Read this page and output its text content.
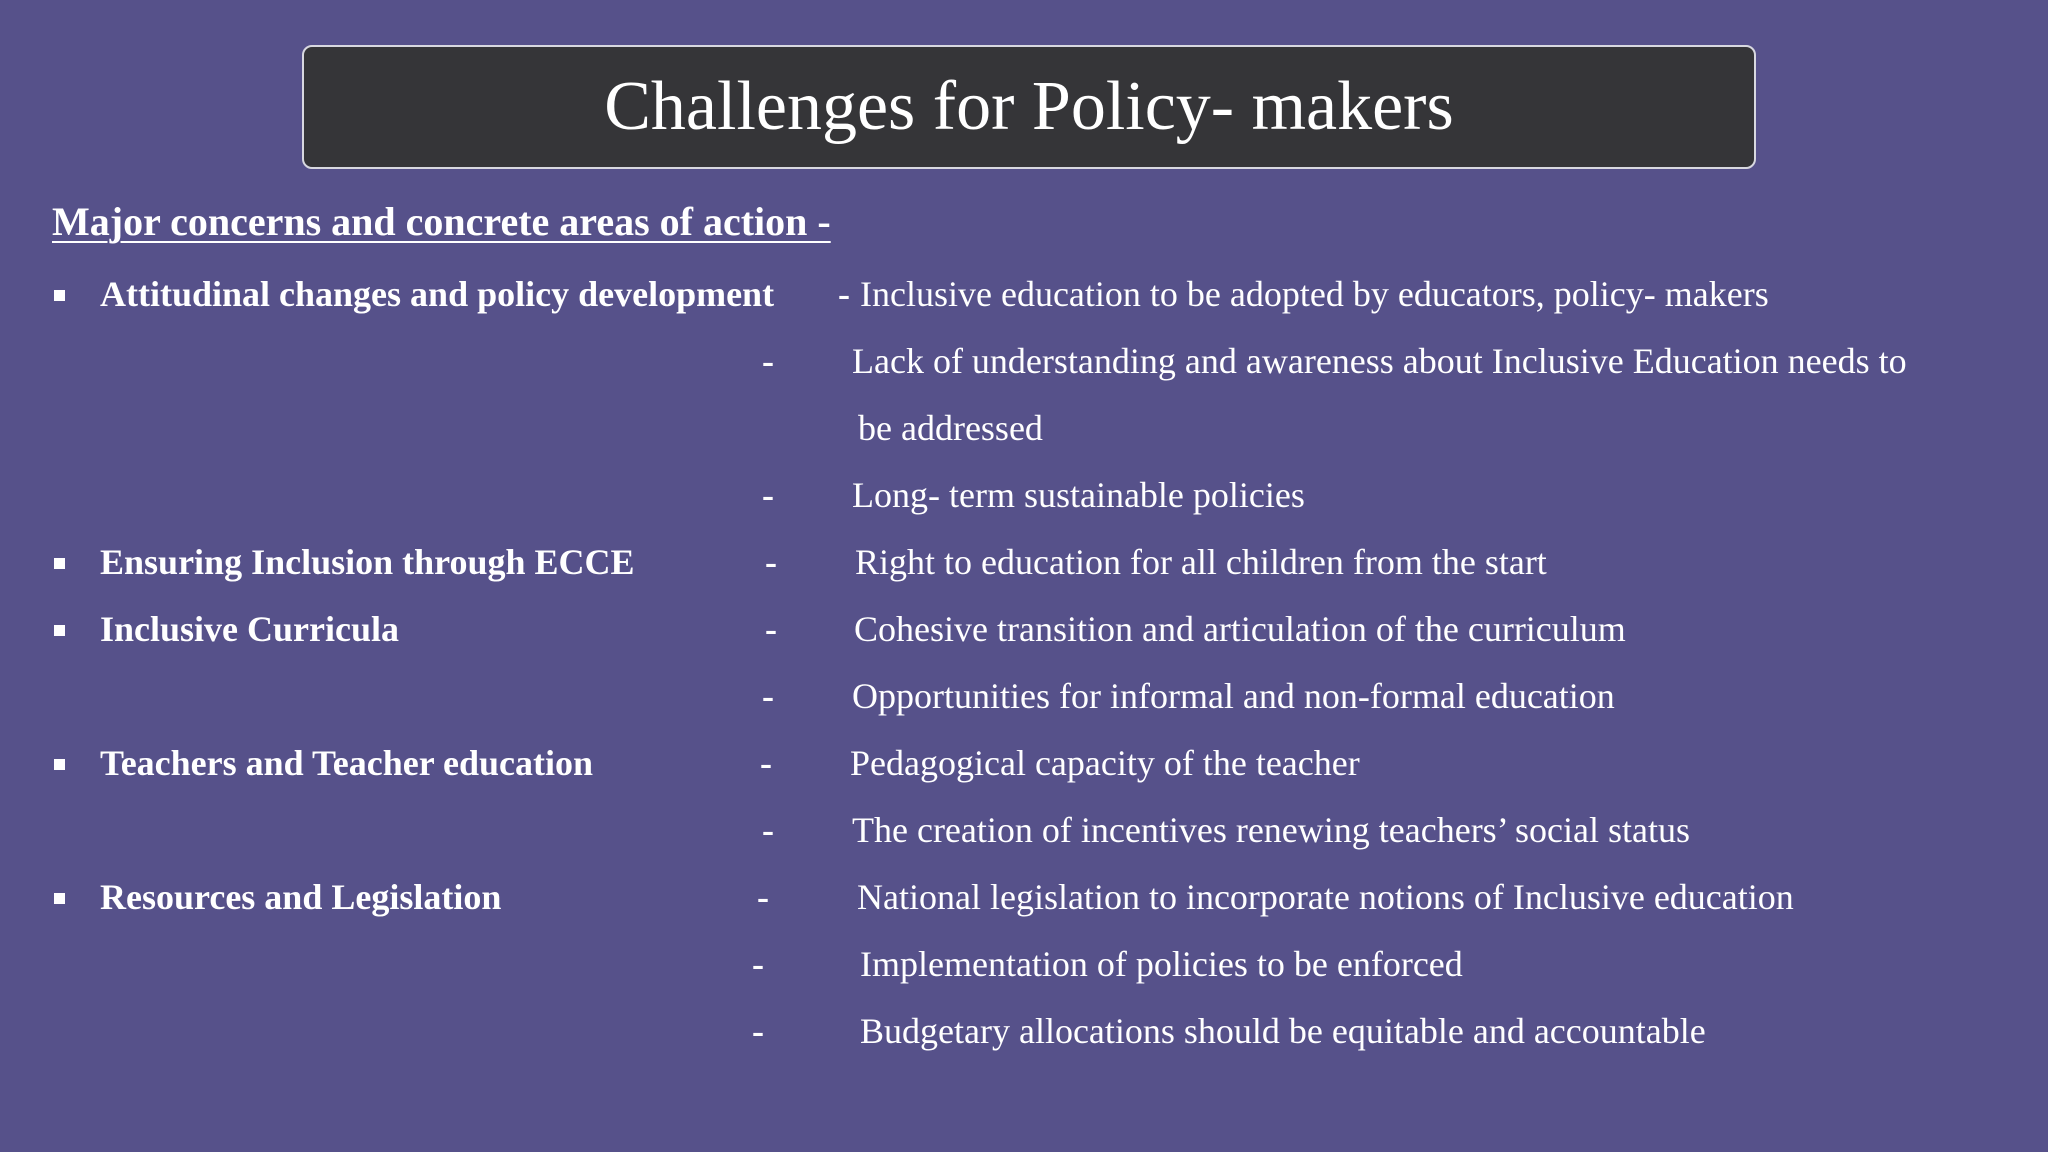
Challenges for Policy- makers
Major concerns and concrete areas of action -
Attitudinal changes and policy development - Inclusive education to be adopted by educators, policy- makers
- Lack of understanding and awareness about Inclusive Education needs to
be addressed
- Long- term sustainable policies
Ensuring Inclusion through ECCE	- Right to education for all children from the start
Inclusive Curricula	- Cohesive transition and articulation of the curriculum
- Opportunities for informal and non-formal education
Teachers and Teacher education	- Pedagogical capacity of the teacher
- The creation of incentives renewing teachers’ social status
Resources and Legislation	- National legislation to incorporate notions of Inclusive education
-	Implementation of policies to be enforced
-	Budgetary allocations should be equitable and accountable
